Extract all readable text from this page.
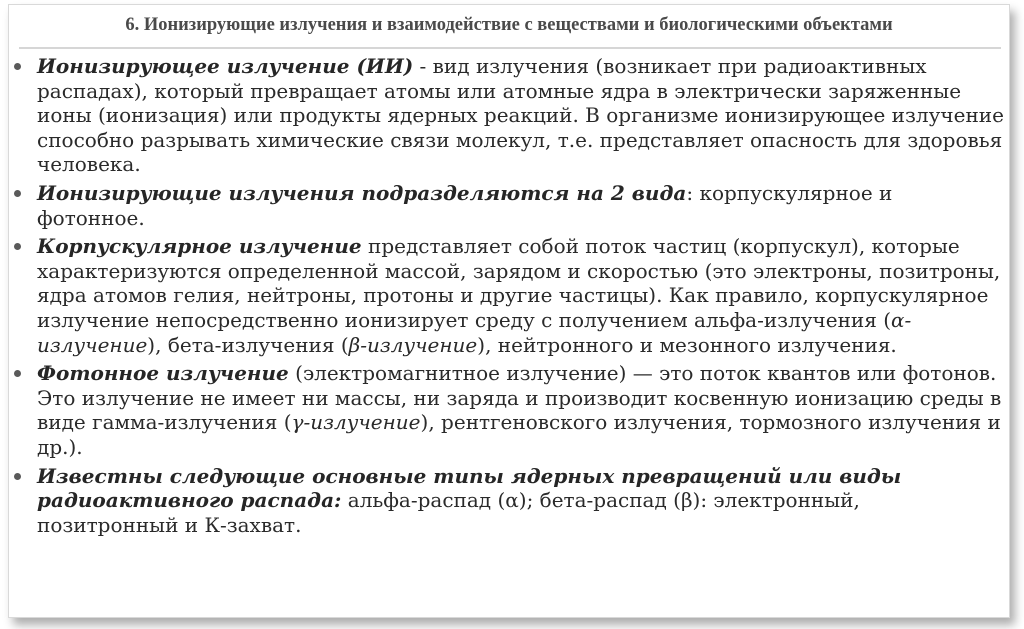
6. Ионизирующие излучения и взаимодействие с веществами и биологическими объектами
Ионизирующее излучение (ИИ) - вид излучения (возникает при радиоактивных распадах), который превращает атомы или атомные ядра в электрически заряженные ионы (ионизация) или продукты ядерных реакций. В организме ионизирующее излучение способно разрывать химические связи молекул, т.е. представляет опасность для здоровья человека.
Ионизирующие излучения подразделяются на 2 вида: корпускулярное и фотонное.
Корпускулярное излучение представляет собой поток частиц (корпускул), которые характеризуются определенной массой, зарядом и скоростью (это электроны, позитроны, ядра атомов гелия, нейтроны, протоны и другие частицы). Как правило, корпускулярное излучение непосредственно ионизирует среду с получением альфа-излучения (α-излучение), бета-излучения (β-излучение), нейтронного и мезонного излучения.
Фотонное излучение (электромагнитное излучение) — это поток квантов или фотонов. Это излучение не имеет ни массы, ни заряда и производит косвенную ионизацию среды в виде гамма-излучения (γ-излучение), рентгеновского излучения, тормозного излучения и др.).
Известны следующие основные типы ядерных превращений или виды радиоактивного распада: альфа-распад (α); бета-распад (β): электронный, позитронный и К-захват.
